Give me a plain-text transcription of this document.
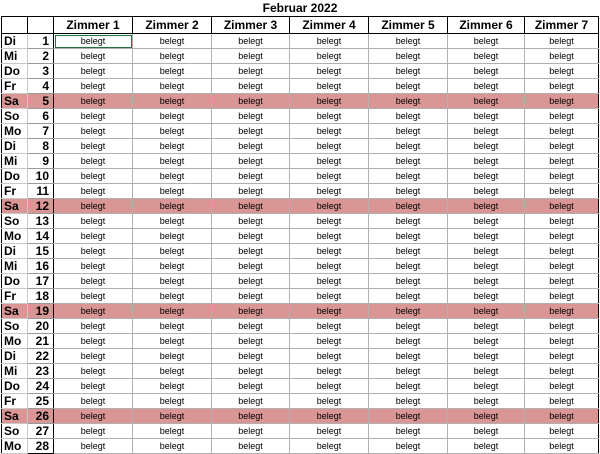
Februar 2022								
		Zimmer 1	Zimmer 2	Zimmer 3	Zimmer 4	Zimmer 5	Zimmer 6	Zimmer 7
Di	1	belegt	belegt	belegt	belegt	belegt	belegt	belegt
Mi	2	belegt	belegt	belegt	belegt	belegt	belegt	belegt
Do	3	belegt	belegt	belegt	belegt	belegt	belegt	belegt
Fr	4	belegt	belegt	belegt	belegt	belegt	belegt	belegt
Sa	5	belegt	belegt	belegt	belegt	belegt	belegt	belegt
So	6	belegt	belegt	belegt	belegt	belegt	belegt	belegt
Mo	7	belegt	belegt	belegt	belegt	belegt	belegt	belegt
Di	8	belegt	belegt	belegt	belegt	belegt	belegt	belegt
Mi	9	belegt	belegt	belegt	belegt	belegt	belegt	belegt
Do	10	belegt	belegt	belegt	belegt	belegt	belegt	belegt
Fr	11	belegt	belegt	belegt	belegt	belegt	belegt	belegt
Sa	12	belegt	belegt	belegt	belegt	belegt	belegt	belegt
So	13	belegt	belegt	belegt	belegt	belegt	belegt	belegt
Mo	14	belegt	belegt	belegt	belegt	belegt	belegt	belegt
Di	15	belegt	belegt	belegt	belegt	belegt	belegt	belegt
Mi	16	belegt	belegt	belegt	belegt	belegt	belegt	belegt
Do	17	belegt	belegt	belegt	belegt	belegt	belegt	belegt
Fr	18	belegt	belegt	belegt	belegt	belegt	belegt	belegt
Sa	19	belegt	belegt	belegt	belegt	belegt	belegt	belegt
So	20	belegt	belegt	belegt	belegt	belegt	belegt	belegt
Mo	21	belegt	belegt	belegt	belegt	belegt	belegt	belegt
Di	22	belegt	belegt	belegt	belegt	belegt	belegt	belegt
Mi	23	belegt	belegt	belegt	belegt	belegt	belegt	belegt
Do	24	belegt	belegt	belegt	belegt	belegt	belegt	belegt
Fr	25	belegt	belegt	belegt	belegt	belegt	belegt	belegt
Sa	26	belegt	belegt	belegt	belegt	belegt	belegt	belegt
So	27	belegt	belegt	belegt	belegt	belegt	belegt	belegt
Mo	28	belegt	belegt	belegt	belegt	belegt	belegt	belegt
